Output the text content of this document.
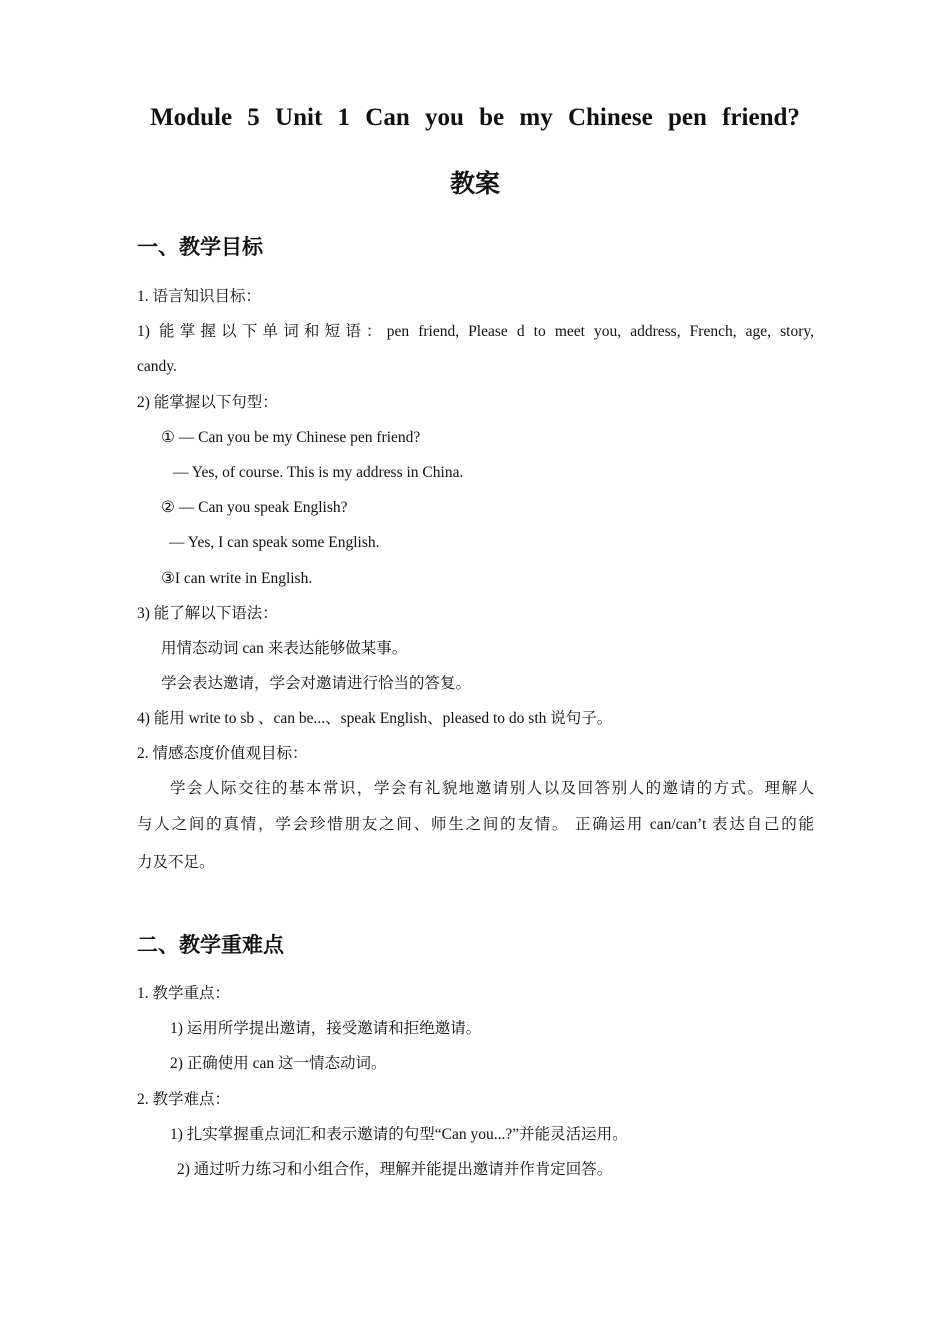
Module 5 Unit 1 Can you be my Chinese pen friend?
教案
一、教学目标
1. 语言知识目标：
1) 能掌握以下单词和短语：pen friend, Please d to meet you, address, French, age, story,
candy.
2) 能掌握以下句型：
① — Can you be my Chinese pen friend?
— Yes, of course. This is my address in China.
② — Can you speak English?
— Yes, I can speak some English.
③I can write in English.
3) 能了解以下语法：
用情态动词 can 来表达能够做某事。
学会表达邀请，学会对邀请进行恰当的答复。
4) 能用 write to sb 、can be...、speak English、pleased to do sth 说句子。
2. 情感态度价值观目标：
学会人际交往的基本常识，学会有礼貌地邀请别人以及回答别人的邀请的方式。理解人
与人之间的真情，学会珍惜朋友之间、师生之间的友情。 正确运用 can/can’t 表达自己的能
力及不足。
二、教学重难点
1. 教学重点：
1) 运用所学提出邀请，接受邀请和拒绝邀请。
2) 正确使用 can 这一情态动词。
2. 教学难点：
1) 扎实掌握重点词汇和表示邀请的句型“Can you...?”并能灵活运用。
2) 通过听力练习和小组合作，理解并能提出邀请并作肯定回答。
